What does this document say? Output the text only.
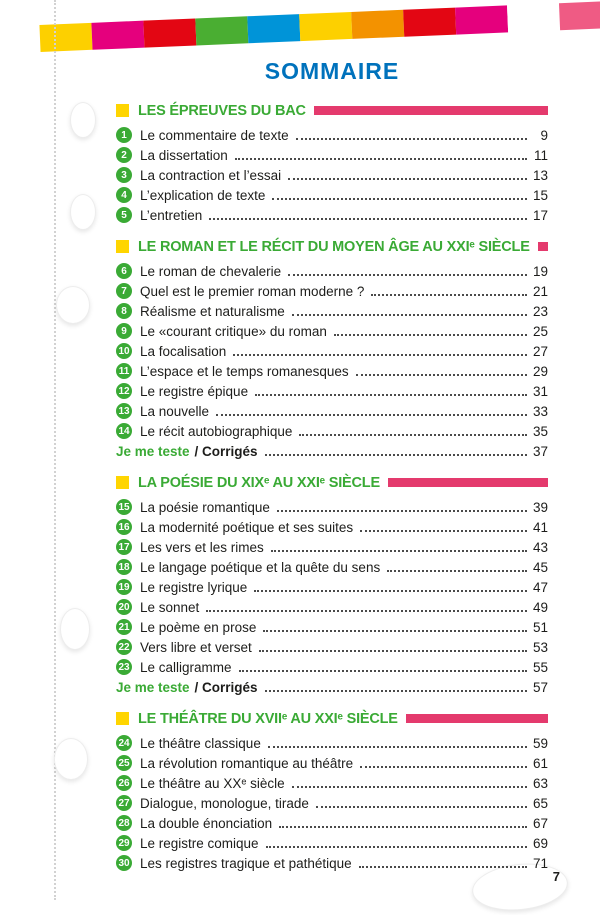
SOMMAIRE
LES ÉPREUVES DU BAC
1 Le commentaire de texte	9
2 La dissertation	11
3 La contraction et l’essai	13
4 L’explication de texte	15
5 L’entretien	17
LE ROMAN ET LE RÉCIT DU MOYEN ÂGE AU XXIᵉ SIÈCLE
6 Le roman de chevalerie	19
7 Quel est le premier roman moderne ?	21
8 Réalisme et naturalisme	23
9 Le «courant critique» du roman	25
10 La focalisation	27
11 L’espace et le temps romanesques	29
12 Le registre épique	31
13 La nouvelle	33
14 Le récit autobiographique	35
Je me teste / Corrigés	37
LA POÉSIE DU XIXᵉ AU XXIᵉ SIÈCLE
15 La poésie romantique	39
16 La modernité poétique et ses suites	41
17 Les vers et les rimes	43
18 Le langage poétique et la quête du sens	45
19 Le registre lyrique	47
20 Le sonnet	49
21 Le poème en prose	51
22 Vers libre et verset	53
23 Le calligramme	55
Je me teste / Corrigés	57
LE THÉÂTRE DU XVIIᵉ AU XXIᵉ SIÈCLE
24 Le théâtre classique	59
25 La révolution romantique au théâtre	61
26 Le théâtre au XXᵉ siècle	63
27 Dialogue, monologue, tirade	65
28 La double énonciation	67
29 Le registre comique	69
30 Les registres tragique et pathétique	71
7
